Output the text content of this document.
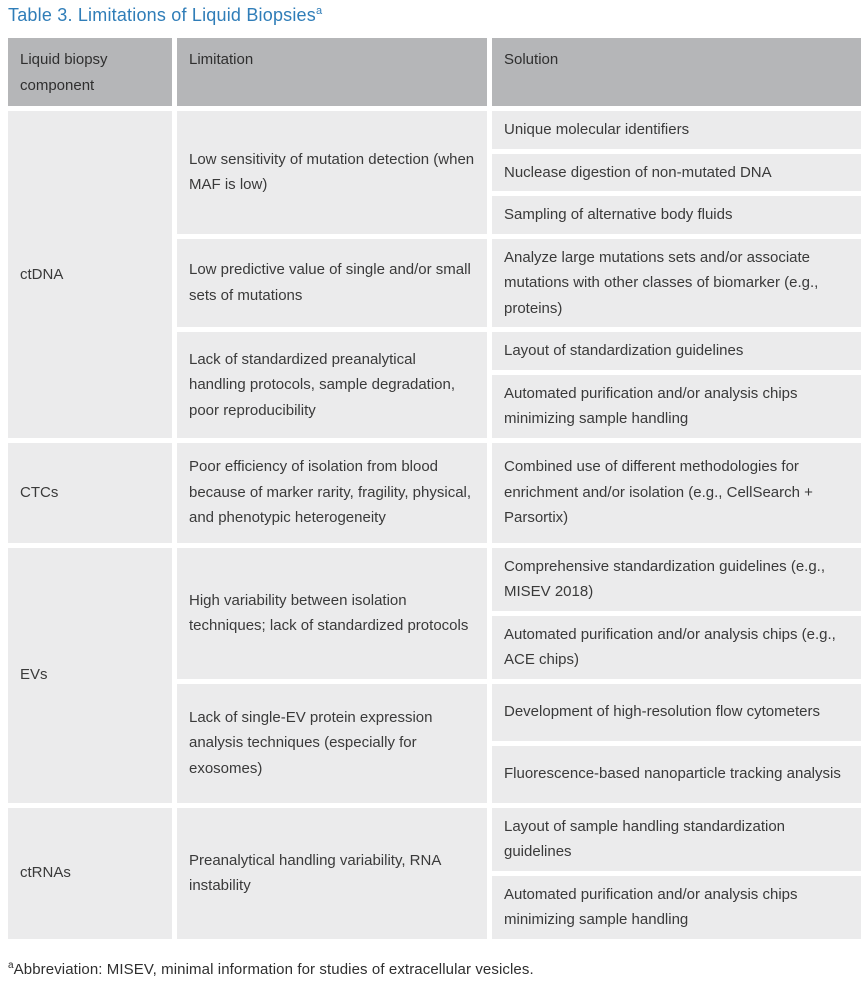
Table 3. Limitations of Liquid Biopsies$^a$
Liquid biopsy component	Limitation	Solution
ctDNA	Low sensitivity of mutation detection (when MAF is low)	Unique molecular identifiers
		Nuclease digestion of non-mutated DNA
		Sampling of alternative body fluids
	Low predictive value of single and/or small sets of mutations	Analyze large mutations sets and/or associate mutations with other classes of biomarker (e.g., proteins)
	Lack of standardized preanalytical handling protocols, sample degradation, poor reproducibility	Layout of standardization guidelines
		Automated purification and/or analysis chips minimizing sample handling
CTCs	Poor efficiency of isolation from blood because of marker rarity, fragility, physical, and phenotypic heterogeneity	Combined use of different methodologies for enrichment and/or isolation (e.g., CellSearch + Parsortix)
EVs	High variability between isolation techniques; lack of standardized protocols	Comprehensive standardization guidelines (e.g., MISEV 2018)
		Automated purification and/or analysis chips (e.g., ACE chips)
	Lack of single-EV protein expression analysis techniques (especially for exosomes)	Development of high-resolution flow cytometers
		Fluorescence-based nanoparticle tracking analysis
ctRNAs	Preanalytical handling variability, RNA instability	Layout of sample handling standardization guidelines
		Automated purification and/or analysis chips minimizing sample handling

$^a$Abbreviation: MISEV, minimal information for studies of extracellular vesicles.
